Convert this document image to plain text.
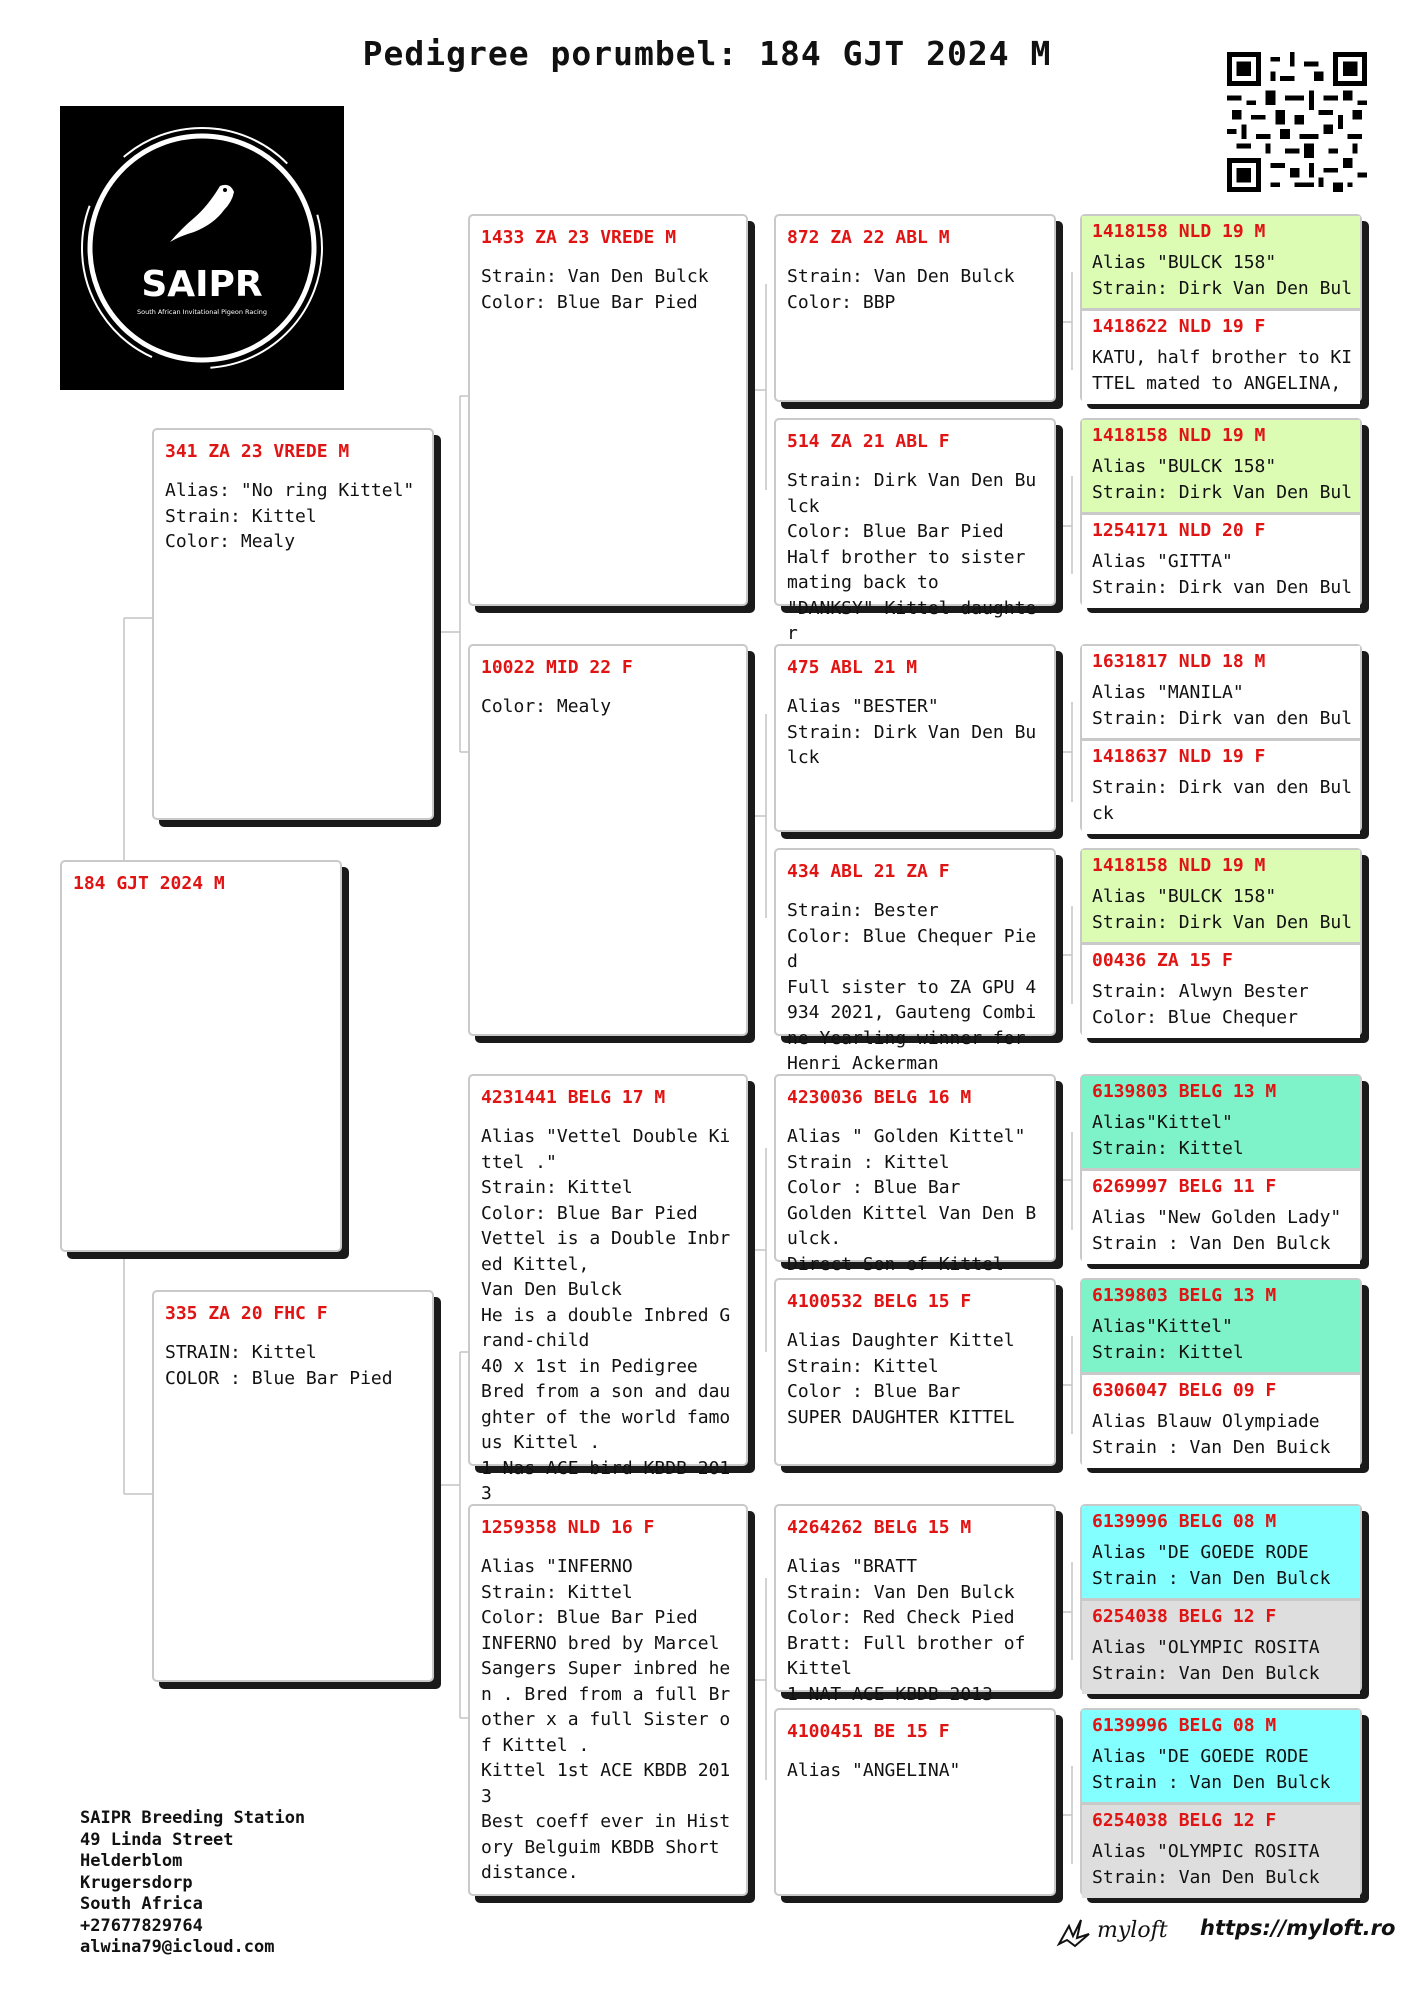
Pedigree porumbel: 184 GJT 2024 M
SAIPR
South African Invitational Pigeon Racing
184 GJT 2024 M
341 ZA 23 VREDE M
Alias: "No ring Kittel"
Strain: Kittel
Color: Mealy
335 ZA 20 FHC F
STRAIN: Kittel
COLOR : Blue Bar Pied
1433 ZA 23 VREDE M
Strain: Van Den Bulck
Color: Blue Bar Pied
10022 MID 22 F
Color: Mealy
4231441 BELG 17 M
Alias "Vettel Double Kittel ."
Strain: Kittel
Color: Blue Bar Pied
Vettel is a Double Inbred Kittel,
Van Den Bulck
He is a double Inbred Grand-child
40 x 1st in Pedigree
Bred from a son and daughter of the world famous Kittel .
1 Nas ACE bird KBDB 2013
1259358 NLD 16 F
Alias "INFERNO
Strain: Kittel
Color: Blue Bar Pied
INFERNO bred by Marcel Sangers Super inbred hen . Bred from a full Brother x a full Sister of Kittel .
Kittel 1st ACE KBDB 2013
Best coeff ever in History Belguim KBDB Short distance.
872 ZA 22 ABL M
Strain: Van Den Bulck
Color: BBP
514 ZA 21 ABL F
Strain: Dirk Van Den Bulck
Color: Blue Bar Pied
Half brother to sister mating back to
"DANKSY" Kittel daughter
475 ABL 21 M
Alias "BESTER"
Strain: Dirk Van Den Bulck
434 ABL 21 ZA F
Strain: Bester
Color: Blue Chequer Pied
Full sister to ZA GPU 4934 2021, Gauteng Combine Yearling winner for Henri Ackerman
4230036 BELG 16 M
Alias " Golden Kittel"
Strain : Kittel
Color : Blue Bar
Golden Kittel Van Den Bulck.
Direct Son of Kittel
4100532 BELG 15 F
Alias Daughter Kittel
Strain: Kittel
Color : Blue Bar
SUPER DAUGHTER KITTEL
4264262 BELG 15 M
Alias "BRATT
Strain: Van Den Bulck
Color: Red Check Pied
Bratt: Full brother of Kittel
1 NAT ACE KBDB 2013
4100451 BE 15 F
Alias "ANGELINA"
1418158 NLD 19 M
Alias "BULCK 158"
Strain: Dirk Van Den Bul
1418622 NLD 19 F
KATU, half brother to KI
TTEL mated to ANGELINA,
1418158 NLD 19 M
Alias "BULCK 158"
Strain: Dirk Van Den Bul
1254171 NLD 20 F
Alias "GITTA"
Strain: Dirk van Den Bul
1631817 NLD 18 M
Alias "MANILA"
Strain: Dirk van den Bul
1418637 NLD 19 F
Strain: Dirk van den Bul
ck
1418158 NLD 19 M
Alias "BULCK 158"
Strain: Dirk Van Den Bul
00436 ZA 15 F
Strain: Alwyn Bester
Color: Blue Chequer
6139803 BELG 13 M
Alias"Kittel"
Strain: Kittel
6269997 BELG 11 F
Alias "New Golden Lady"
Strain : Van Den Bulck
6139803 BELG 13 M
Alias"Kittel"
Strain: Kittel
6306047 BELG 09 F
Alias Blauw Olympiade
Strain : Van Den Buick
6139996 BELG 08 M
Alias "DE GOEDE RODE
Strain : Van Den Bulck
6254038 BELG 12 F
Alias "OLYMPIC ROSITA
Strain: Van Den Bulck
6139996 BELG 08 M
Alias "DE GOEDE RODE
Strain : Van Den Bulck
6254038 BELG 12 F
Alias "OLYMPIC ROSITA
Strain: Van Den Bulck
SAIPR Breeding Station
49 Linda Street
Helderblom
Krugersdorp
South Africa
+27677829764
alwina79@icloud.com
myloft https://myloft.ro
